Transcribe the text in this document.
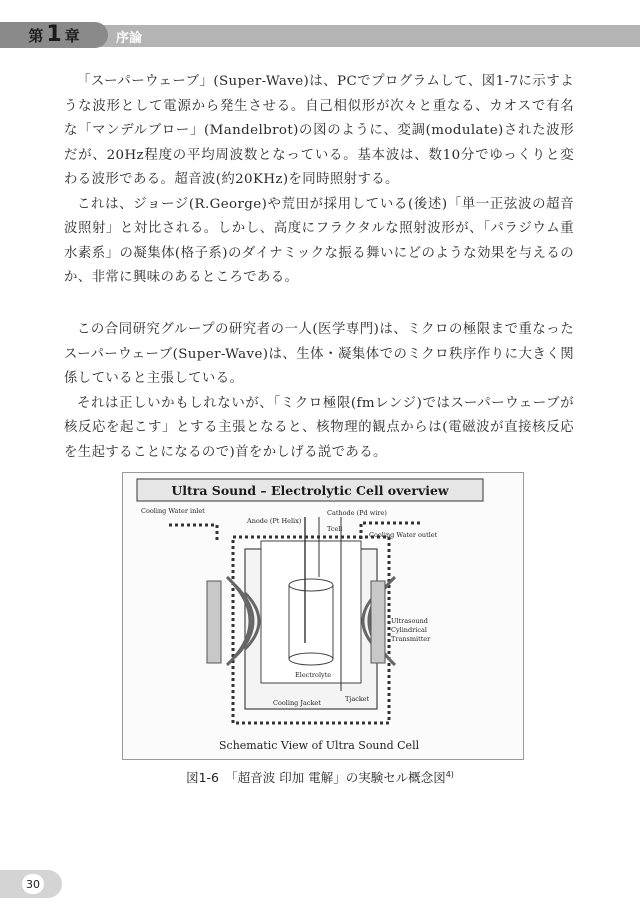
第 1 章	序論

「スーパーウェーブ」(Super-Wave)は、PCでプログラムして、図1-7に示すような波形として電源から発生させる。自己相似形が次々と重なる、カオスで有名な「マンデルブロー」(Mandelbrot)の図のように、変調(modulate)された波形だが、20Hz程度の平均周波数となっている。基本波は、数10分でゆっくりと変わる波形である。超音波(約20KHz)を同時照射する。

これは、ジョージ(R.George)や荒田が採用している(後述)「単一正弦波の超音波照射」と対比される。しかし、高度にフラクタルな照射波形が、「パラジウム重水素系」の凝集体(格子系)のダイナミックな振る舞いにどのような効果を与えるのか、非常に興味のあるところである。

この合同研究グループの研究者の一人(医学専門)は、ミクロの極限まで重なったスーパーウェーブ(Super-Wave)は、生体・凝集体でのミクロ秩序作りに大きく関係していると主張している。

それは正しいかもしれないが、「ミクロ極限(fmレンジ)ではスーパーウェーブが核反応を起こす」とする主張となると、核物理的観点からは(電磁波が直接核反応を生起することになるので)首をかしげる説である。

Ultra Sound – Electrolytic Cell overview
Cooling Water inlet
Anode (Pt Helix)
Cathode (Pd wire)
Tcell
Cooling Water outlet
Ultrasound
Cylindrical
Transmitter
Electrolyte
Tjacket
Cooling Jacket
Schematic View of Ultra Sound Cell
図1-6　「超音波 印加 電解」の実験セル概念図$^{4)}$
30
